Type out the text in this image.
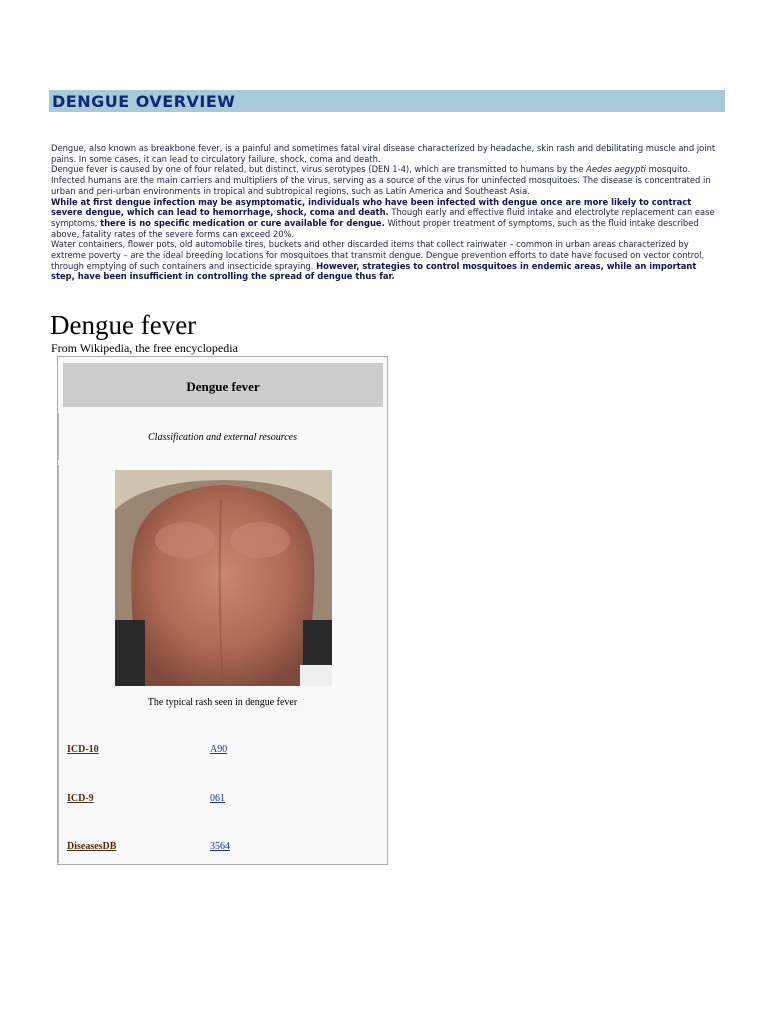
DENGUE OVERVIEW

Dengue, also known as breakbone fever, is a painful and sometimes fatal viral disease characterized by headache, skin rash and debilitating muscle and joint pains. In some cases, it can lead to circulatory failure, shock, coma and death.

Dengue fever is caused by one of four related, but distinct, virus serotypes (DEN 1-4), which are transmitted to humans by the Aedes aegypti mosquito. Infected humans are the main carriers and multipliers of the virus, serving as a source of the virus for uninfected mosquitoes. The disease is concentrated in urban and peri-urban environments in tropical and subtropical regions, such as Latin America and Southeast Asia.

While at first dengue infection may be asymptomatic, individuals who have been infected with dengue once are more likely to contract severe dengue, which can lead to hemorrhage, shock, coma and death. Though early and effective fluid intake and electrolyte replacement can ease symptoms, there is no specific medication or cure available for dengue. Without proper treatment of symptoms, such as the fluid intake described above, fatality rates of the severe forms can exceed 20%.

Water containers, flower pots, old automobile tires, buckets and other discarded items that collect rainwater – common in urban areas characterized by extreme poverty – are the ideal breeding locations for mosquitoes that transmit dengue. Dengue prevention efforts to date have focused on vector control, through emptying of such containers and insecticide spraying. However, strategies to control mosquitoes in endemic areas, while an important step, have been insufficient in controlling the spread of dengue thus far.

Dengue fever
From Wikipedia, the free encyclopedia
Dengue fever
Classification and external resources
The typical rash seen in dengue fever
ICD-10	A90
ICD-9	061
DiseasesDB	3564
